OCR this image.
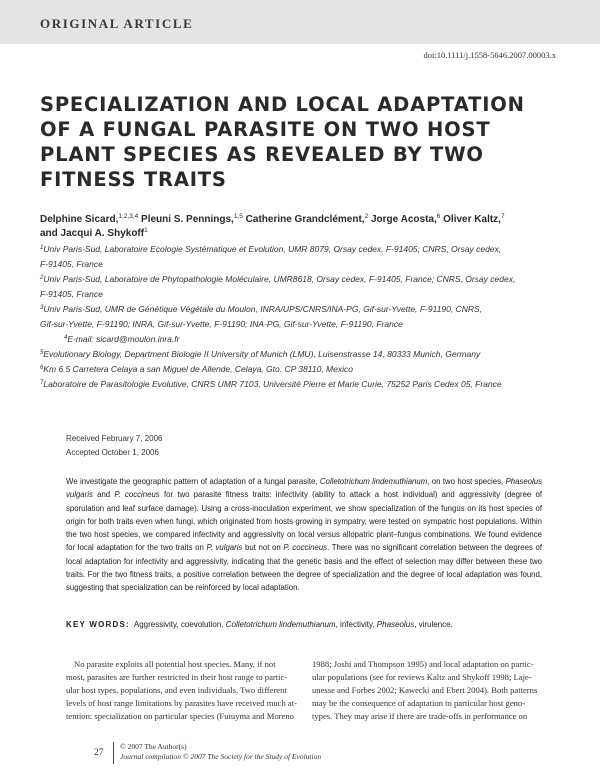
ORIGINAL ARTICLE
doi:10.1111/j.1558-5646.2007.00003.x
SPECIALIZATION AND LOCAL ADAPTATION
OF A FUNGAL PARASITE ON TWO HOST
PLANT SPECIES AS REVEALED BY TWO
FITNESS TRAITS
Delphine Sicard,$^{1,2,3,4}$ Pleuni S. Pennings,$^{1,5}$ Catherine Grandclément,$^2$ Jorge Acosta,$^6$ Oliver Kaltz,$^7$
and Jacqui A. Shykoff$^1$

$^1$Univ Paris-Sud, Laboratoire Ecologie Systématique et Evolution, UMR 8079, Orsay cedex, F-91405; CNRS, Orsay cedex,

F-91405, France

$^2$Univ Paris-Sud, Laboratoire de Phytopathologie Moléculaire, UMR8618, Orsay cedex, F-91405, France; CNRS, Orsay cedex,

F-91405, France

$^3$Univ Paris-Sud, UMR de Génétique Végétale du Moulon, INRA/UPS/CNRS/INA-PG, Gif-sur-Yvette, F-91190, CNRS,

Gif-sur-Yvette, F-91190; INRA, Gif-sur-Yvette, F-91190; INA-PG, Gif-sur-Yvette, F-91190, France

$^4$E-mail: sicard@moulon.inra.fr

$^5$Evolutionary Biology, Department Biologie II University of Munich (LMU), Luisenstrasse 14, 80333 Munich, Germany

$^6$Km 6.5 Carretera Celaya a san Miguel de Allende, Celaya, Gto. CP 38110, Mexico

$^7$Laboratoire de Parasitologie Evolutive, CNRS UMR 7103, Université Pierre et Marie Curie, 75252 Paris Cedex 05, France

Received February 7, 2006
Accepted October 1, 2006
We investigate the geographic pattern of adaptation of a fungal parasite, Colletotrichum lindemuthianum, on two host species, Phaseolus vulgaris and P. coccineus for two parasite fitness traits: infectivity (ability to attack a host individual) and aggressivity (degree of sporulation and leaf surface damage). Using a cross-inoculation experiment, we show specialization of the fungus on its host species of origin for both traits even when fungi, which originated from hosts growing in sympatry, were tested on sympatric host populations. Within the two host species, we compared infectivity and aggressivity on local versus allopatric plant–fungus combinations. We found evidence for local adaptation for the two traits on P. vulgaris but not on P. coccineus. There was no significant correlation between the degrees of local adaptation for infectivity and aggressivity, indicating that the genetic basis and the effect of selection may differ between these two traits. For the two fitness traits, a positive correlation between the degree of specialization and the degree of local adaptation was found, suggesting that specialization can be reinforced by local adaptation.
KEY WORDS: Aggressivity, coevolution, Colletotrichum lindemuthianum, infectivity, Phaseolus, virulence.

No parasite exploits all potential host species. Many, if not

most, parasites are further restricted in their host range to partic-

ular host types, populations, and even individuals. Two different

levels of host range limitations by parasites have received much at-

tention: specialization on particular species (Futuyma and Moreno

1988; Joshi and Thompson 1995) and local adaptation on partic-

ular populations (see for reviews Kaltz and Shykoff 1998; Laje-

unesse and Forbes 2002; Kawecki and Ebert 2004). Both patterns

may be the consequence of adaptation to particular host geno-

types. They may arise if there are trade-offs in performance on

27
© 2007 The Author(s)
Journal compilation © 2007 The Society for the Study of Evolution
